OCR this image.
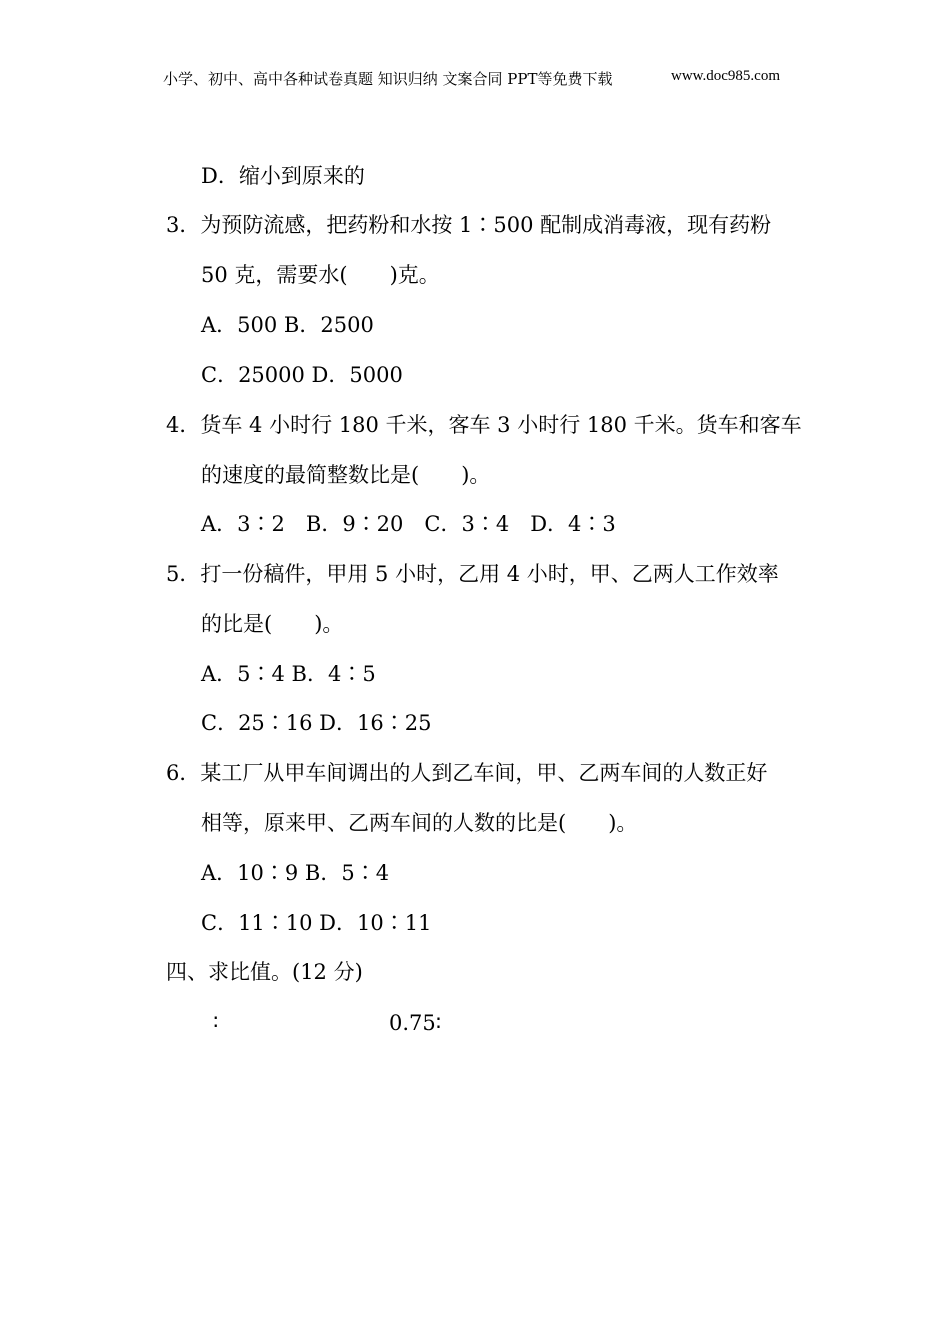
小学、初中、高中各种试卷真题 知识归纳 文案合同 PPT等免费下载	www.doc985.com
D．缩小到原来的
3．为预防流感，把药粉和水按 1∶500 配制成消毒液，现有药粉
50 克，需要水(　　)克。
A．500 B．2500
C．25000 D．5000
4．货车 4 小时行 180 千米，客车 3 小时行 180 千米。货车和客车
的速度的最简整数比是(　　)。
A．3∶2　B．9∶20　C．3∶4　D．4∶3
5．打一份稿件，甲用 5 小时，乙用 4 小时，甲、乙两人工作效率
的比是(　　)。
A．5∶4 B．4∶5
C．25∶16 D．16∶25
6．某工厂从甲车间调出的人到乙车间，甲、乙两车间的人数正好
相等，原来甲、乙两车间的人数的比是(　　)。
A．10∶9 B．5∶4
C．11∶10 D．10∶11
四、求比值。(12 分)
∶	0.75∶
